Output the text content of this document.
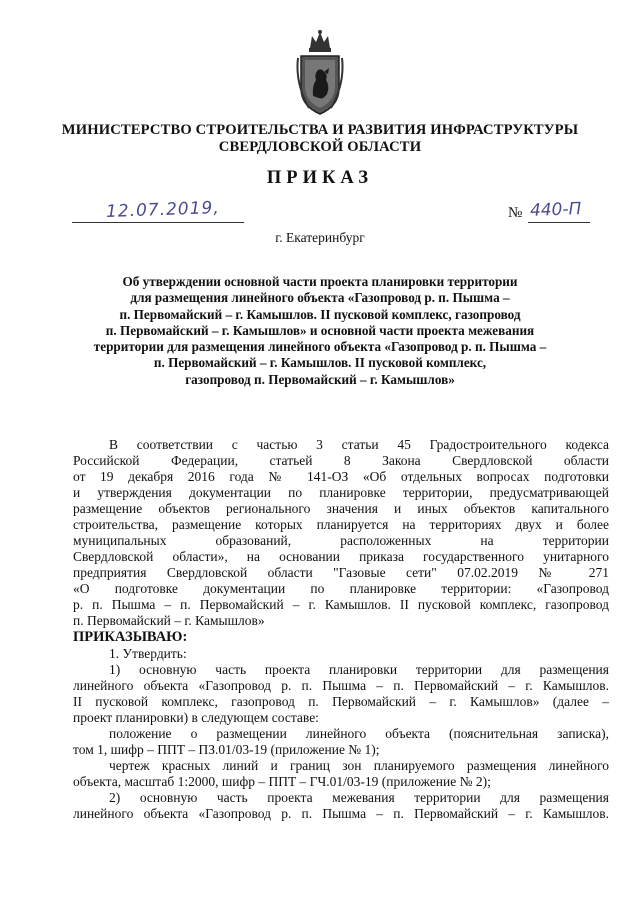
МИНИСТЕРСТВО СТРОИТЕЛЬСТВА И РАЗВИТИЯ ИНФРАСТРУКТУРЫ
СВЕРДЛОВСКОЙ ОБЛАСТИ
ПРИКАЗ
12.07.2019,	№ 440-П
г. Екатеринбург
Об утверждении основной части проекта планировки территории
для размещения линейного объекта «Газопровод р. п. Пышма –
п. Первомайский – г. Камышлов. II пусковой комплекс, газопровод
п. Первомайский – г. Камышлов» и основной части проекта межевания
территории для размещения линейного объекта «Газопровод р. п. Пышма –
п. Первомайский – г. Камышлов. II пусковой комплекс,
газопровод п. Первомайский – г. Камышлов»
В соответствии с частью 3 статьи 45 Градостроительного кодекса
Российской Федерации, статьей 8 Закона Свердловской области
от 19 декабря 2016 года № 141-ОЗ «Об отдельных вопросах подготовки
и утверждения документации по планировке территории, предусматривающей
размещение объектов регионального значения и иных объектов капитального
строительства, размещение которых планируется на территориях двух и более
муниципальных образований, расположенных на территории
Свердловской области», на основании приказа государственного унитарного
предприятия Свердловской области "Газовые сети" 07.02.2019 № 271
«О подготовке документации по планировке территории: «Газопровод
р. п. Пышма – п. Первомайский – г. Камышлов. II пусковой комплекс, газопровод
п. Первомайский – г. Камышлов»
ПРИКАЗЫВАЮ:
1. Утвердить:
1) основную часть проекта планировки территории для размещения
линейного объекта «Газопровод р. п. Пышма – п. Первомайский – г. Камышлов.
II пусковой комплекс, газопровод п. Первомайский – г. Камышлов» (далее –
проект планировки) в следующем составе:
положение о размещении линейного объекта (пояснительная записка),
том 1, шифр – ППТ – ПЗ.01/03-19 (приложение № 1);
чертеж красных линий и границ зон планируемого размещения линейного
объекта, масштаб 1:2000, шифр – ППТ – ГЧ.01/03-19 (приложение № 2);
2) основную часть проекта межевания территории для размещения
линейного объекта «Газопровод р. п. Пышма – п. Первомайский – г. Камышлов.
